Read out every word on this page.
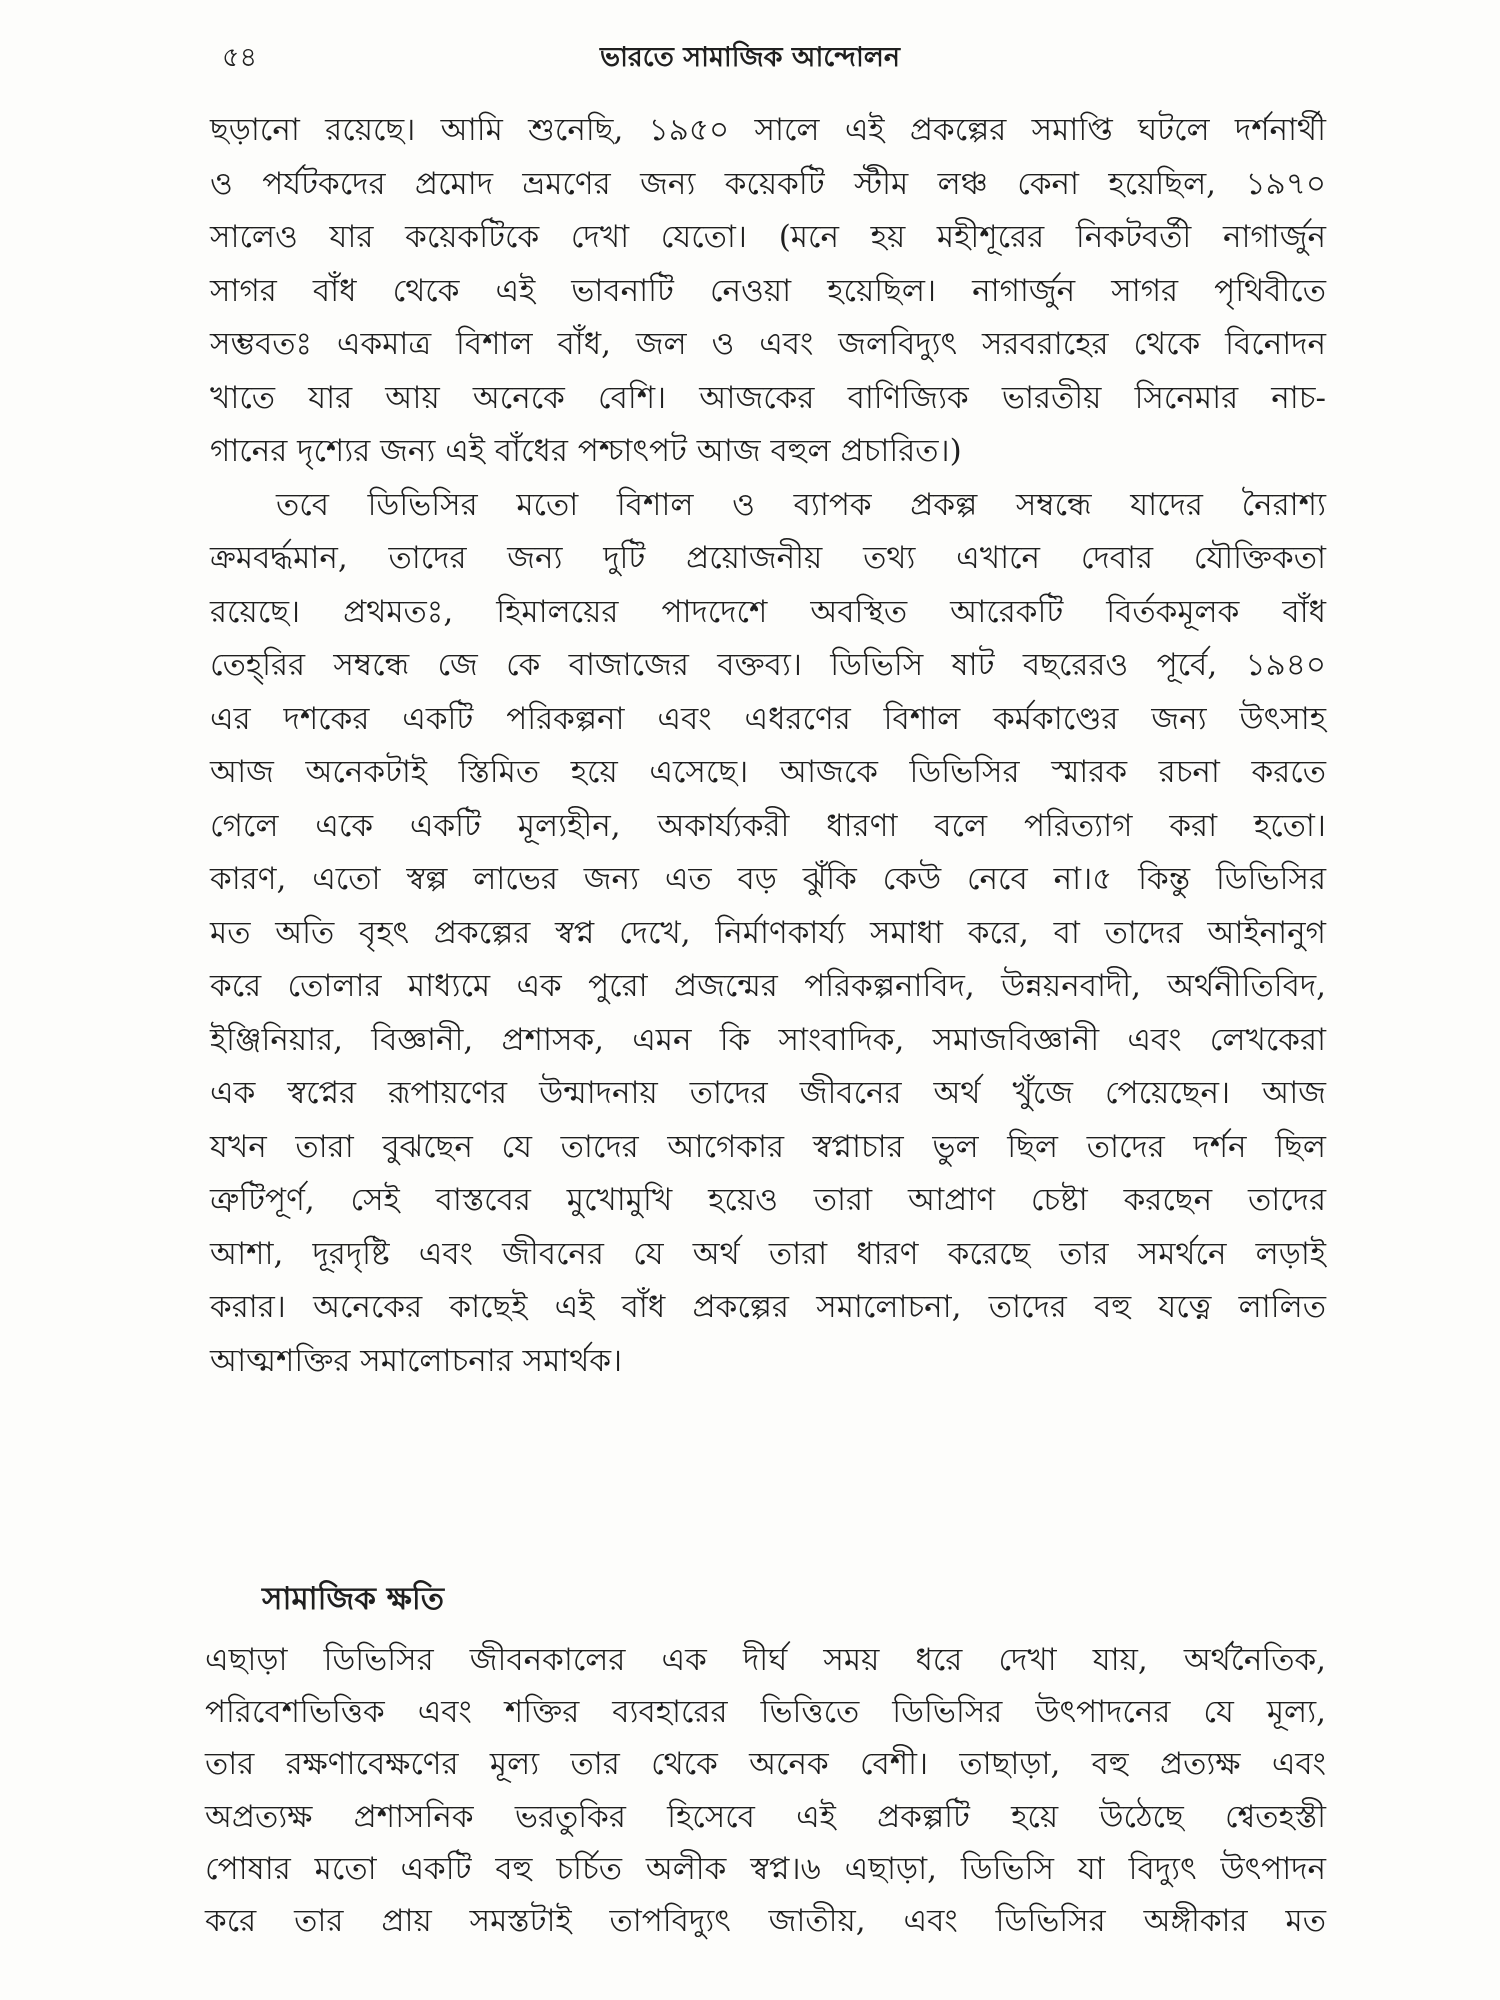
৫৪	ভারতে সামাজিক আন্দোলন
ছড়ানো রয়েছে। আমি শুনেছি, ১৯৫০ সালে এই প্রকল্পের সমাপ্তি ঘটলে দর্শনার্থী
ও পর্যটকদের প্রমোদ ভ্রমণের জন্য কয়েকটি স্টীম লঞ্চ কেনা হয়েছিল, ১৯৭০
সালেও যার কয়েকটিকে দেখা যেতো। (মনে হয় মহীশূরের নিকটবর্তী নাগার্জুন
সাগর বাঁধ থেকে এই ভাবনাটি নেওয়া হয়েছিল। নাগার্জুন সাগর পৃথিবীতে
সম্ভবতঃ একমাত্র বিশাল বাঁধ, জল ও এবং জলবিদ্যুৎ সরবরাহের থেকে বিনোদন
খাতে যার আয় অনেকে বেশি। আজকের বাণিজ্যিক ভারতীয় সিনেমার নাচ-
গানের দৃশ্যের জন্য এই বাঁধের পশ্চাৎপট আজ বহুল প্রচারিত।)
তবে ডিভিসির মতো বিশাল ও ব্যাপক প্রকল্প সম্বন্ধে যাদের নৈরাশ্য
ক্রমবর্দ্ধমান, তাদের জন্য দুটি প্রয়োজনীয় তথ্য এখানে দেবার যৌক্তিকতা
রয়েছে। প্রথমতঃ, হিমালয়ের পাদদেশে অবস্থিত আরেকটি বির্তকমূলক বাঁধ
তেহ্‌রির সম্বন্ধে জে কে বাজাজের বক্তব্য। ডিভিসি ষাট বছরেরও পূর্বে, ১৯৪০
এর দশকের একটি পরিকল্পনা এবং এধরণের বিশাল কর্মকাণ্ডের জন্য উৎসাহ
আজ অনেকটাই স্তিমিত হয়ে এসেছে। আজকে ডিভিসির স্মারক রচনা করতে
গেলে একে একটি মূল্যহীন, অকার্য্যকরী ধারণা বলে পরিত্যাগ করা হতো।
কারণ, এতো স্বল্প লাভের জন্য এত বড় ঝুঁকি কেউ নেবে না।৫ কিন্তু ডিভিসির
মত অতি বৃহৎ প্রকল্পের স্বপ্ন দেখে, নির্মাণকার্য্য সমাধা করে, বা তাদের আইনানুগ
করে তোলার মাধ্যমে এক পুরো প্রজন্মের পরিকল্পনাবিদ, উন্নয়নবাদী, অর্থনীতিবিদ,
ইঞ্জিনিয়ার, বিজ্ঞানী, প্রশাসক, এমন কি সাংবাদিক, সমাজবিজ্ঞানী এবং লেখকেরা
এক স্বপ্নের রূপায়ণের উন্মাদনায় তাদের জীবনের অর্থ খুঁজে পেয়েছেন। আজ
যখন তারা বুঝছেন যে তাদের আগেকার স্বপ্নাচার ভুল ছিল তাদের দর্শন ছিল
ত্রুটিপূর্ণ, সেই বাস্তবের মুখোমুখি হয়েও তারা আপ্রাণ চেষ্টা করছেন তাদের
আশা, দূরদৃষ্টি এবং জীবনের যে অর্থ তারা ধারণ করেছে তার সমর্থনে লড়াই
করার। অনেকের কাছেই এই বাঁধ প্রকল্পের সমালোচনা, তাদের বহু যত্নে লালিত
আত্মশক্তির সমালোচনার সমার্থক।
সামাজিক ক্ষতি
এছাড়া ডিভিসির জীবনকালের এক দীর্ঘ সময় ধরে দেখা যায়, অর্থনৈতিক,
পরিবেশভিত্তিক এবং শক্তির ব্যবহারের ভিত্তিতে ডিভিসির উৎপাদনের যে মূল্য,
তার রক্ষণাবেক্ষণের মূল্য তার থেকে অনেক বেশী। তাছাড়া, বহু প্রত্যক্ষ এবং
অপ্রত্যক্ষ প্রশাসনিক ভরতুকির হিসেবে এই প্রকল্পটি হয়ে উঠেছে শ্বেতহস্তী
পোষার মতো একটি বহু চর্চিত অলীক স্বপ্ন।৬ এছাড়া, ডিভিসি যা বিদ্যুৎ উৎপাদন
করে তার প্রায় সমস্তটাই তাপবিদ্যুৎ জাতীয়, এবং ডিভিসির অঙ্গীকার মত
